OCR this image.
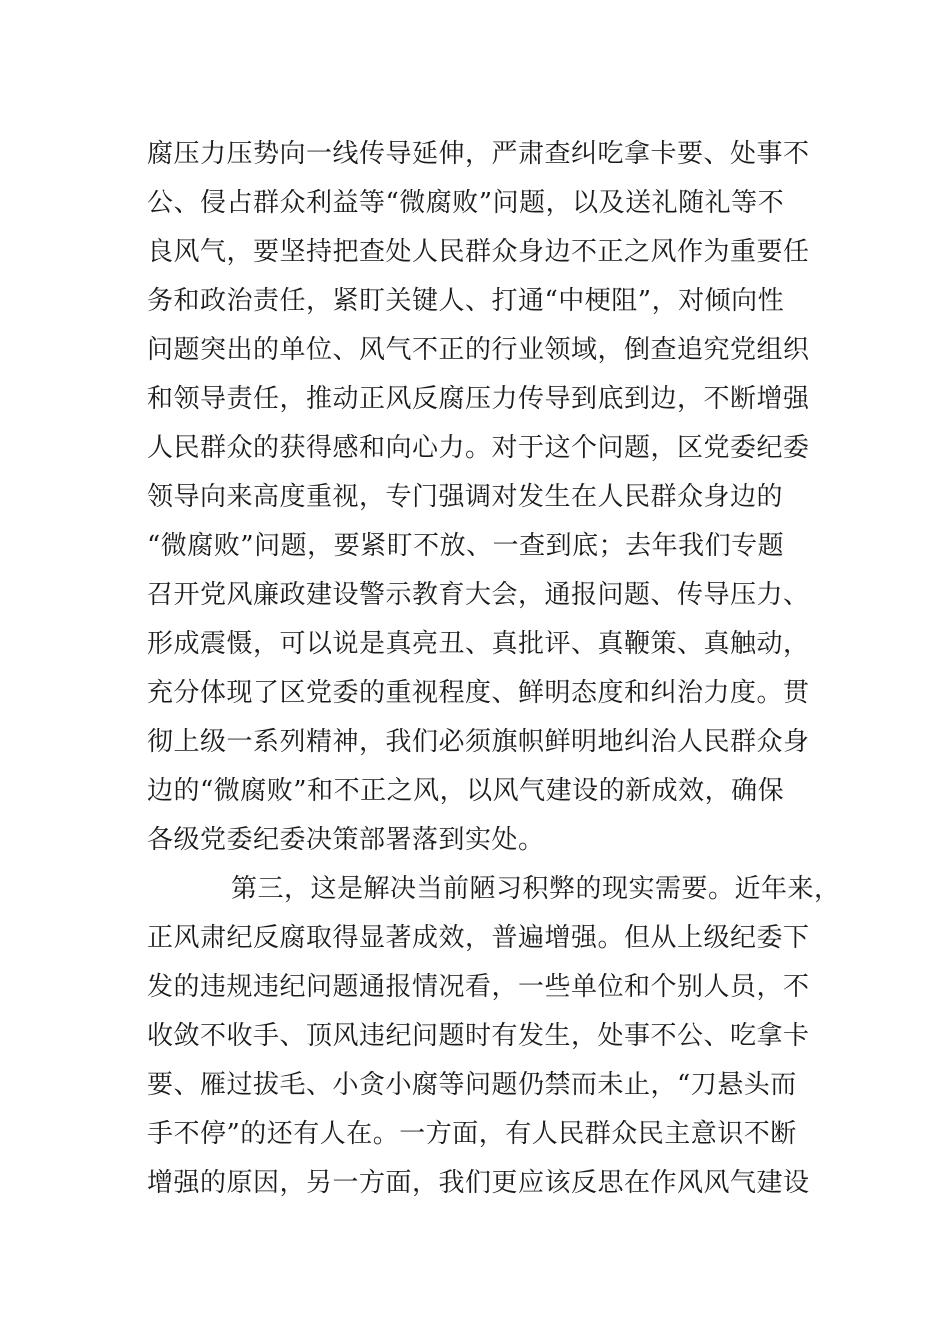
腐压力压势向一线传导延伸，严肃查纠吃拿卡要、处事不
公、侵占群众利益等“微腐败”问题，以及送礼随礼等不
良风气，要坚持把查处人民群众身边不正之风作为重要任
务和政治责任，紧盯关键人、打通“中梗阻”，对倾向性
问题突出的单位、风气不正的行业领域，倒查追究党组织
和领导责任，推动正风反腐压力传导到底到边，不断增强
人民群众的获得感和向心力。对于这个问题，区党委纪委
领导向来高度重视，专门强调对发生在人民群众身边的
“微腐败”问题，要紧盯不放、一查到底；去年我们专题
召开党风廉政建设警示教育大会，通报问题、传导压力、
形成震慑，可以说是真亮丑、真批评、真鞭策、真触动，
充分体现了区党委的重视程度、鲜明态度和纠治力度。贯
彻上级一系列精神，我们必须旗帜鲜明地纠治人民群众身
边的“微腐败”和不正之风，以风气建设的新成效，确保
各级党委纪委决策部署落到实处。
第三，这是解决当前陋习积弊的现实需要。近年来，
正风肃纪反腐取得显著成效，普遍增强。但从上级纪委下
发的违规违纪问题通报情况看，一些单位和个别人员，不
收敛不收手、顶风违纪问题时有发生，处事不公、吃拿卡
要、雁过拔毛、小贪小腐等问题仍禁而未止，“刀悬头而
手不停”的还有人在。一方面，有人民群众民主意识不断
增强的原因，另一方面，我们更应该反思在作风风气建设
